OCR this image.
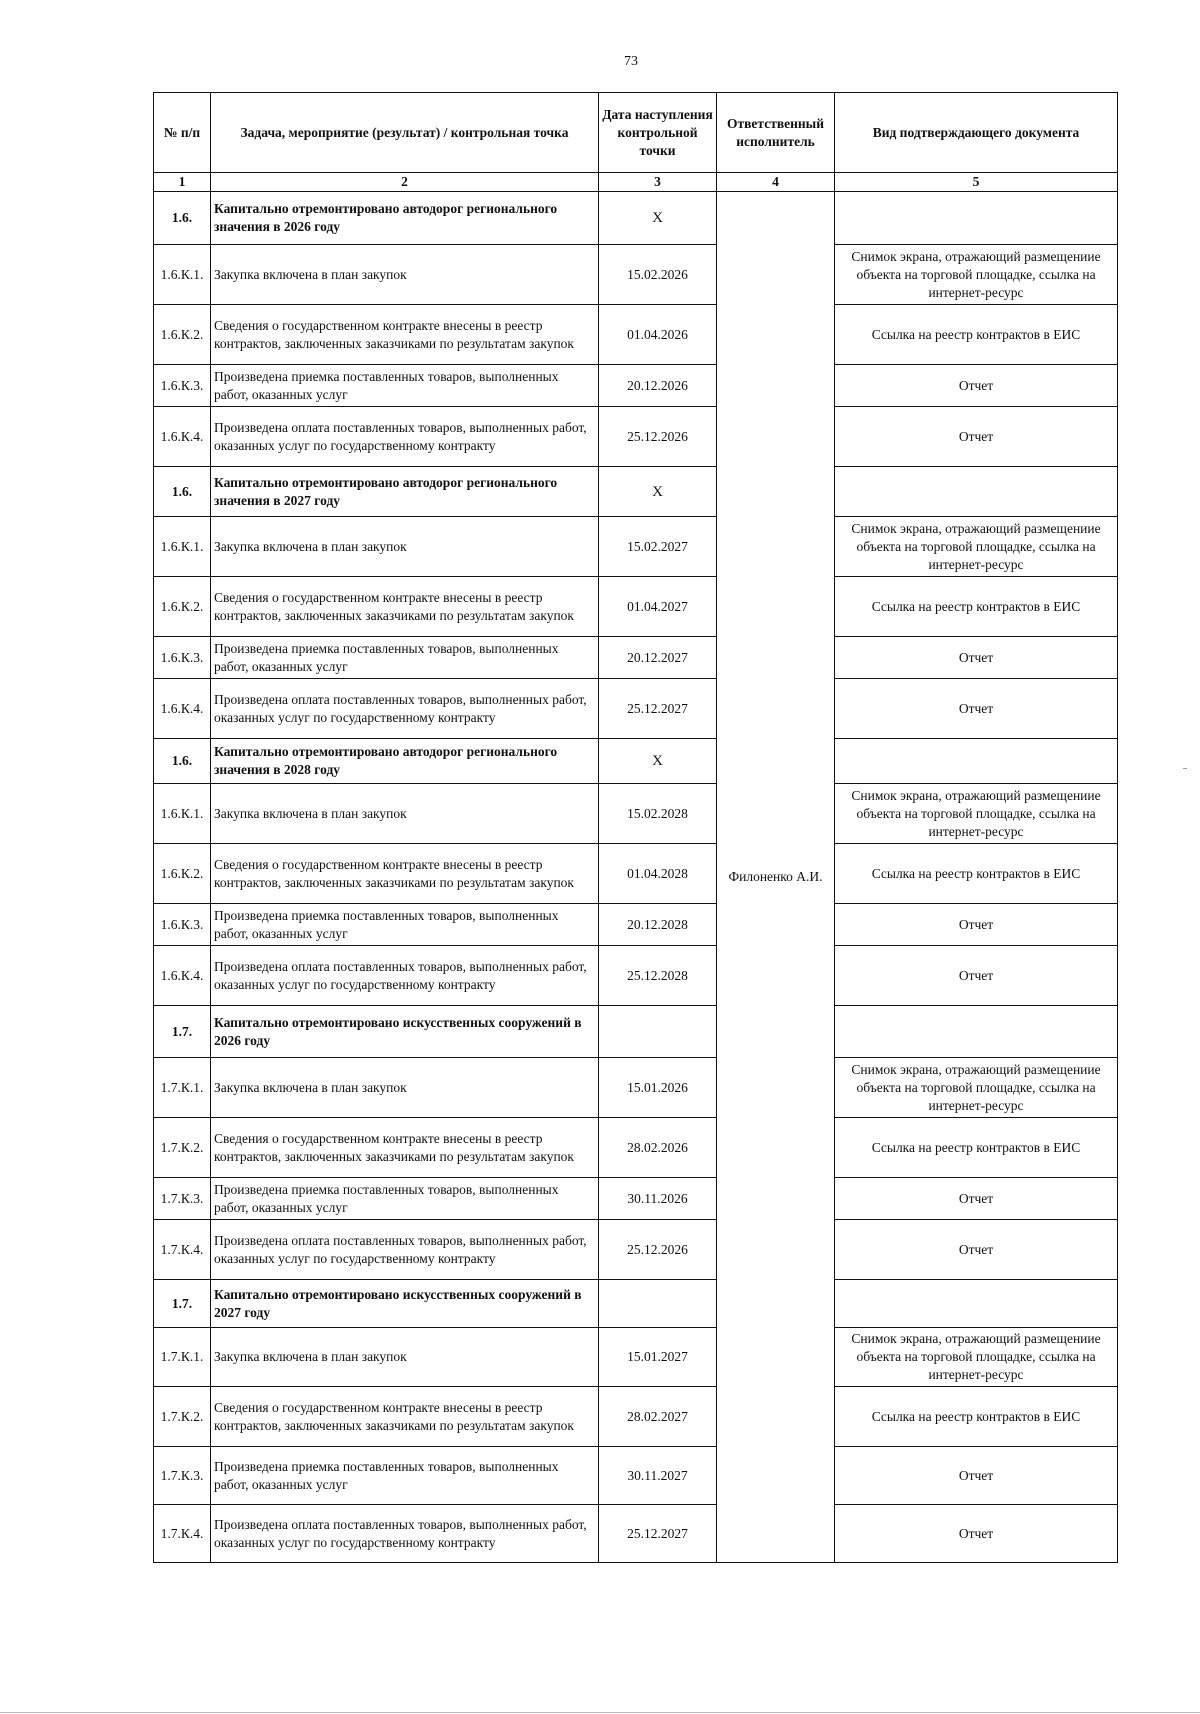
73
№ п/п	Задача, мероприятие (результат) / контрольная точка	Дата наступления контрольной точки	Ответственный исполнитель	Вид подтверждающего документа
1	2	3	4	5
1.6.	Капитально отремонтировано автодорог регионального значения в 2026 году	Х	Филоненко А.И.	
1.6.К.1.	Закупка включена в план закупок	15.02.2026		Снимок экрана, отражающий размещениие объекта на торговой площадке, ссылка на интернет-ресурс
1.6.К.2.	Сведения о государственном контракте внесены в реестр контрактов, заключенных заказчиками по результатам закупок	01.04.2026		Ссылка на реестр контрактов в ЕИС
1.6.К.3.	Произведена приемка поставленных товаров, выполненных работ, оказанных услуг	20.12.2026		Отчет
1.6.К.4.	Произведена оплата поставленных товаров, выполненных работ, оказанных услуг по государственному контракту	25.12.2026		Отчет
1.6.	Капитально отремонтировано автодорог регионального значения в 2027 году	Х		
1.6.К.1.	Закупка включена в план закупок	15.02.2027		Снимок экрана, отражающий размещениие объекта на торговой площадке, ссылка на интернет-ресурс
1.6.К.2.	Сведения о государственном контракте внесены в реестр контрактов, заключенных заказчиками по результатам закупок	01.04.2027		Ссылка на реестр контрактов в ЕИС
1.6.К.3.	Произведена приемка поставленных товаров, выполненных работ, оказанных услуг	20.12.2027		Отчет
1.6.К.4.	Произведена оплата поставленных товаров, выполненных работ, оказанных услуг по государственному контракту	25.12.2027		Отчет
1.6.	Капитально отремонтировано автодорог регионального значения в 2028 году	Х		
1.6.К.1.	Закупка включена в план закупок	15.02.2028		Снимок экрана, отражающий размещениие объекта на торговой площадке, ссылка на интернет-ресурс
1.6.К.2.	Сведения о государственном контракте внесены в реестр контрактов, заключенных заказчиками по результатам закупок	01.04.2028		Ссылка на реестр контрактов в ЕИС
1.6.К.3.	Произведена приемка поставленных товаров, выполненных работ, оказанных услуг	20.12.2028		Отчет
1.6.К.4.	Произведена оплата поставленных товаров, выполненных работ, оказанных услуг по государственному контракту	25.12.2028		Отчет
1.7.	Капитально отремонтировано искусственных сооружений в 2026 году			
1.7.К.1.	Закупка включена в план закупок	15.01.2026		Снимок экрана, отражающий размещениие объекта на торговой площадке, ссылка на интернет-ресурс
1.7.К.2.	Сведения о государственном контракте внесены в реестр контрактов, заключенных заказчиками по результатам закупок	28.02.2026		Ссылка на реестр контрактов в ЕИС
1.7.К.3.	Произведена приемка поставленных товаров, выполненных работ, оказанных услуг	30.11.2026		Отчет
1.7.К.4.	Произведена оплата поставленных товаров, выполненных работ, оказанных услуг по государственному контракту	25.12.2026		Отчет
1.7.	Капитально отремонтировано искусственных сооружений в 2027 году			
1.7.К.1.	Закупка включена в план закупок	15.01.2027		Снимок экрана, отражающий размещениие объекта на торговой площадке, ссылка на интернет-ресурс
1.7.К.2.	Сведения о государственном контракте внесены в реестр контрактов, заключенных заказчиками по результатам закупок	28.02.2027		Ссылка на реестр контрактов в ЕИС
1.7.К.3.	Произведена приемка поставленных товаров, выполненных работ, оказанных услуг	30.11.2027		Отчет
1.7.К.4.	Произведена оплата поставленных товаров, выполненных работ, оказанных услуг по государственному контракту	25.12.2027		Отчет
